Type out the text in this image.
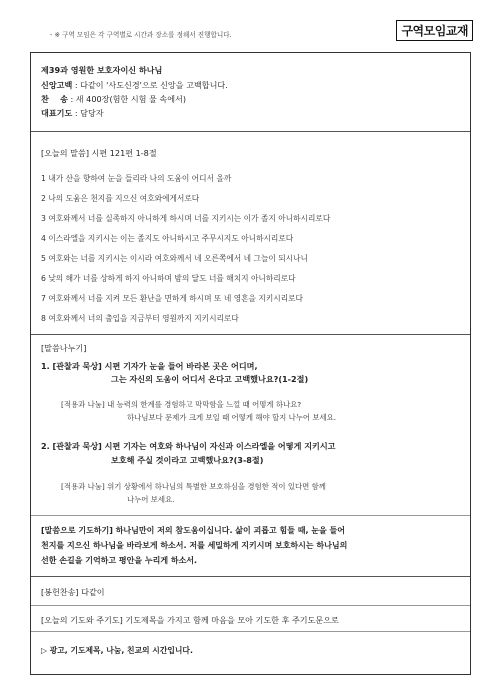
- ※ 구역 모임은 각 구역별로 시간과 장소를 정해서 진행합니다.	구역모임교재
제39과 영원한 보호자이신 하나님
신앙고백 : 다같이 '사도신경'으로 신앙을 고백합니다.
찬    송 : 새 400장(험한 시험 물 속에서)
대표기도 : 담당자
[오늘의 말씀] 시편 121편 1-8절
1 내가 산을 향하여 눈을 들리라 나의 도움이 어디서 올까
2 나의 도움은 천지를 지으신 여호와에게서로다
3 여호와께서 너를 실족하지 아니하게 하시며 너를 지키시는 이가 졸지 아니하시리로다
4 이스라엘을 지키시는 이는 졸지도 아니하시고 주무시지도 아니하시리로다
5 여호와는 너를 지키시는 이시라 여호와께서 네 오른쪽에서 네 그늘이 되시나니
6 낮의 해가 너를 상하게 하지 아니하며 밤의 달도 너를 해치지 아니하리로다
7 여호와께서 너를 지켜 모든 환난을 면하게 하시며 또 네 영혼을 지키시리로다
8 여호와께서 너의 출입을 지금부터 영원까지 지키시리로다
[말씀나누기]
1. [관찰과 묵상] 시편 기자가 눈을 들어 바라본 곳은 어디며,
그는 자신의 도움이 어디서 온다고 고백했나요?(1-2절)
[적용과 나눔] 내 능력의 한계를 경험하고 막막함을 느낄 때 어떻게 하나요?
하나님보다 문제가 크게 보일 때 어떻게 해야 할지 나누어 보세요.
2. [관찰과 묵상] 시편 기자는 여호와 하나님이 자신과 이스라엘을 어떻게 지키시고
보호해 주실 것이라고 고백했나요?(3-8절)
[적용과 나눔] 위기 상황에서 하나님의 특별한 보호하심을 경험한 적이 있다면 함께
나누어 보세요.
[말씀으로 기도하기] 하나님만이 저의 참도움이십니다. 삶이 괴롭고 힘들 때, 눈을 들어
천지를 지으신 하나님을 바라보게 하소서. 저를 세밀하게 지키시며 보호하시는 하나님의
선한 손길을 기억하고 평안을 누리게 하소서.
[봉헌찬송] 다같이
[오늘의 기도와 주기도] 기도제목을 가지고 함께 마음을 모아 기도한 후 주기도문으로
▷ 광고, 기도제목, 나눔, 친교의 시간입니다.
